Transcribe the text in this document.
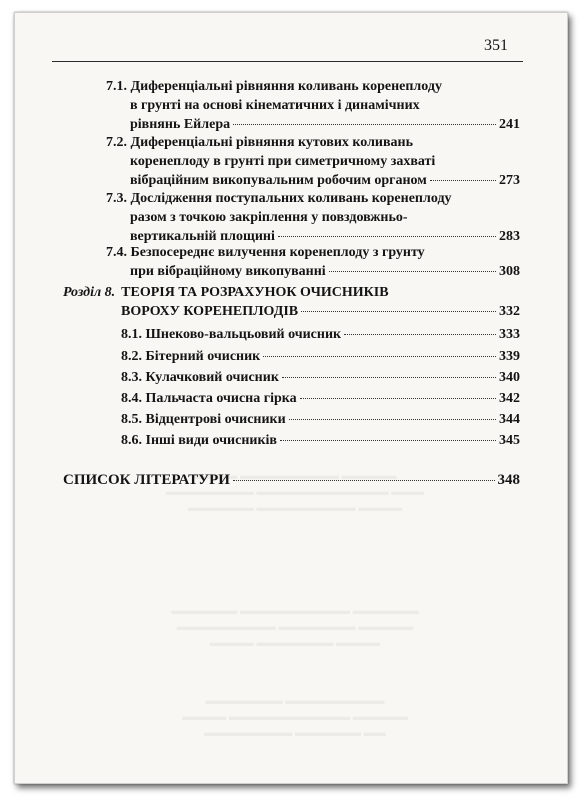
▬▬▬▬ ▬▬▬▬▬▬▬▬▬ ▬▬▬▬▬
▬▬▬▬▬▬▬▬ ▬▬▬▬▬▬▬▬▬▬▬▬ ▬▬▬
▬▬▬▬▬▬ ▬▬▬▬▬▬▬▬▬ ▬▬▬▬
▬▬▬▬▬▬ ▬▬▬▬▬▬▬▬▬▬ ▬▬▬▬▬▬
▬▬▬▬▬▬▬▬▬ ▬▬▬▬▬▬▬ ▬▬▬▬▬
▬▬▬▬ ▬▬▬▬▬▬▬ ▬▬▬▬
▬▬▬▬▬▬▬ ▬▬▬▬▬▬▬▬▬
▬▬▬▬ ▬▬▬▬▬▬▬▬▬▬▬ ▬▬▬▬▬
▬▬▬▬▬▬▬▬ ▬▬▬▬▬▬ ▬▬
351
7.1. Диференціальні рівняння коливань коренеплоду
в грунті на основі кінематичних і динамічних
рівнянь Ейлера	241
7.2. Диференціальні рівняння кутових коливань
коренеплоду в грунті при симетричному захваті
вібраційним викопувальним робочим органом	273
7.3. Дослідження поступальних коливань коренеплоду
разом з точкою закріплення у повздовжньо-
вертикальній площині	283
7.4. Безпосереднє вилучення коренеплоду з грунту
при вібраційному викопуванні	308
Розділ 8. ТЕОРІЯ ТА РОЗРАХУНОК ОЧИСНИКІВ
ВОРОХУ КОРЕНЕПЛОДІВ	332
8.1. Шнеково-вальцьовий очисник	333
8.2. Бітерний очисник	339
8.3. Кулачковий очисник	340
8.4. Пальчаста очисна гірка	342
8.5. Відцентрові очисники	344
8.6. Інші види очисників	345
СПИСОК ЛІТЕРАТУРИ	348
